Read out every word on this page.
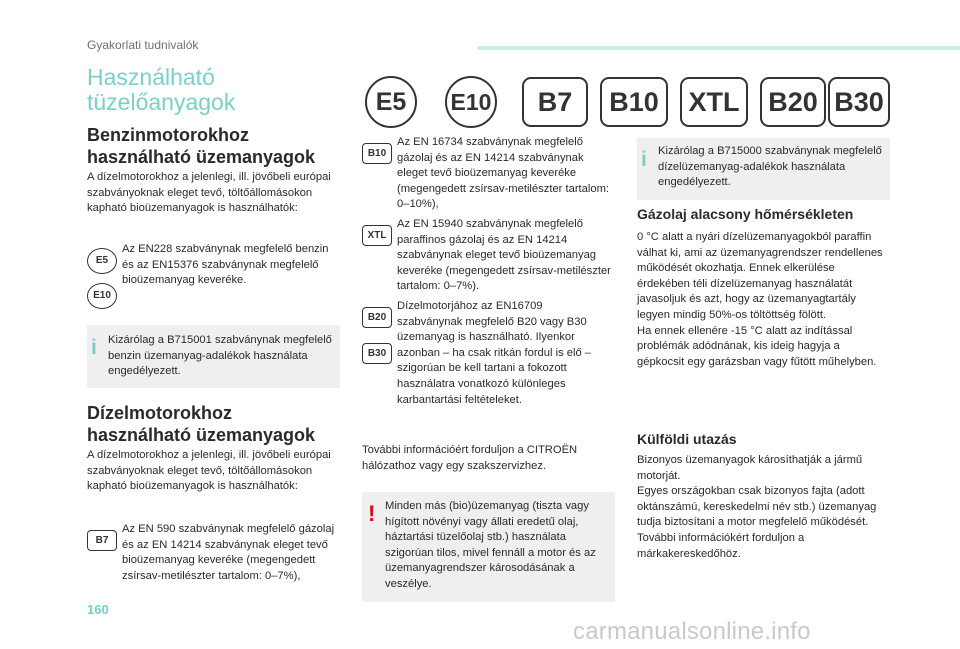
Gyakorlati tudnivalók
Használható tüzelőanyagok	E5	E10	B7	B10	XTL	B20 B30
Benzinmotorokhoz használható üzemanyagok
A dízelmotorokhoz a jelenlegi, ill. jövőbeli európai szabványoknak eleget tevő, töltőállomásokon kapható bioüzemanyagok is használhatók:
E5
E10
Az EN228 szabványnak megfelelő benzin és az EN15376 szabványnak megfelelő bioüzemanyag keveréke.
i Kizárólag a B715001 szabványnak megfelelő benzin üzemanyag-adalékok használata engedélyezett.
Dízelmotorokhoz használható üzemanyagok
A dízelmotorokhoz a jelenlegi, ill. jövőbeli európai szabványoknak eleget tevő, töltőállomásokon kapható bioüzemanyagok is használhatók:
B7
Az EN 590 szabványnak megfelelő gázolaj és az EN 14214 szabványnak eleget tevő bioüzemanyag keveréke (megengedett zsírsav-metilészter tartalom: 0–7%),
B10
Az EN 16734 szabványnak megfelelő gázolaj és az EN 14214 szabványnak eleget tevő bioüzemanyag keveréke (megengedett zsírsav-metilészter tartalom: 0–10%),
XTL
Az EN 15940 szabványnak megfelelő paraffinos gázolaj és az EN 14214 szabványnak eleget tevő bioüzemanyag keveréke (megengedett zsírsav-metilészter tartalom: 0–7%).
B20
B30
Dízelmotorjához az EN16709 szabványnak megfelelő B20 vagy B30 üzemanyag is használható. Ilyenkor azonban – ha csak ritkán fordul is elő – szigorúan be kell tartani a fokozott használatra vonatkozó különleges karbantartási feltételeket.
További információért forduljon a CITROËN hálózathoz vagy egy szakszervizhez.
! Minden más (bio)üzemanyag (tiszta vagy hígított növényi vagy állati eredetű olaj, háztartási tüzelőolaj stb.) használata szigorúan tilos, mivel fennáll a motor és az üzemanyagrendszer károsodásának a veszélye.
i Kizárólag a B715000 szabványnak megfelelő dízelüzemanyag-adalékok használata engedélyezett.
Gázolaj alacsony hőmérsékleten
0 °C alatt a nyári dízelüzemanyagokból paraffin válhat ki, ami az üzemanyagrendszer rendellenes működését okozhatja. Ennek elkerülése érdekében téli dízelüzemanyag használatát javasoljuk és azt, hogy az üzemanyagtartály legyen mindig 50%-os töltöttség fölött.
Ha ennek ellenére -15 °C alatt az indítással problémák adódnának, kis ideig hagyja a gépkocsit egy garázsban vagy fűtött műhelyben.
Külföldi utazás
Bizonyos üzemanyagok károsíthatják a jármű motorját.
Egyes országokban csak bizonyos fajta (adott oktánszámú, kereskedelmi név stb.) üzemanyag tudja biztosítani a motor megfelelő működését.
További információkért forduljon a márkakereskedőhöz.
160
carmanualsonline.info
